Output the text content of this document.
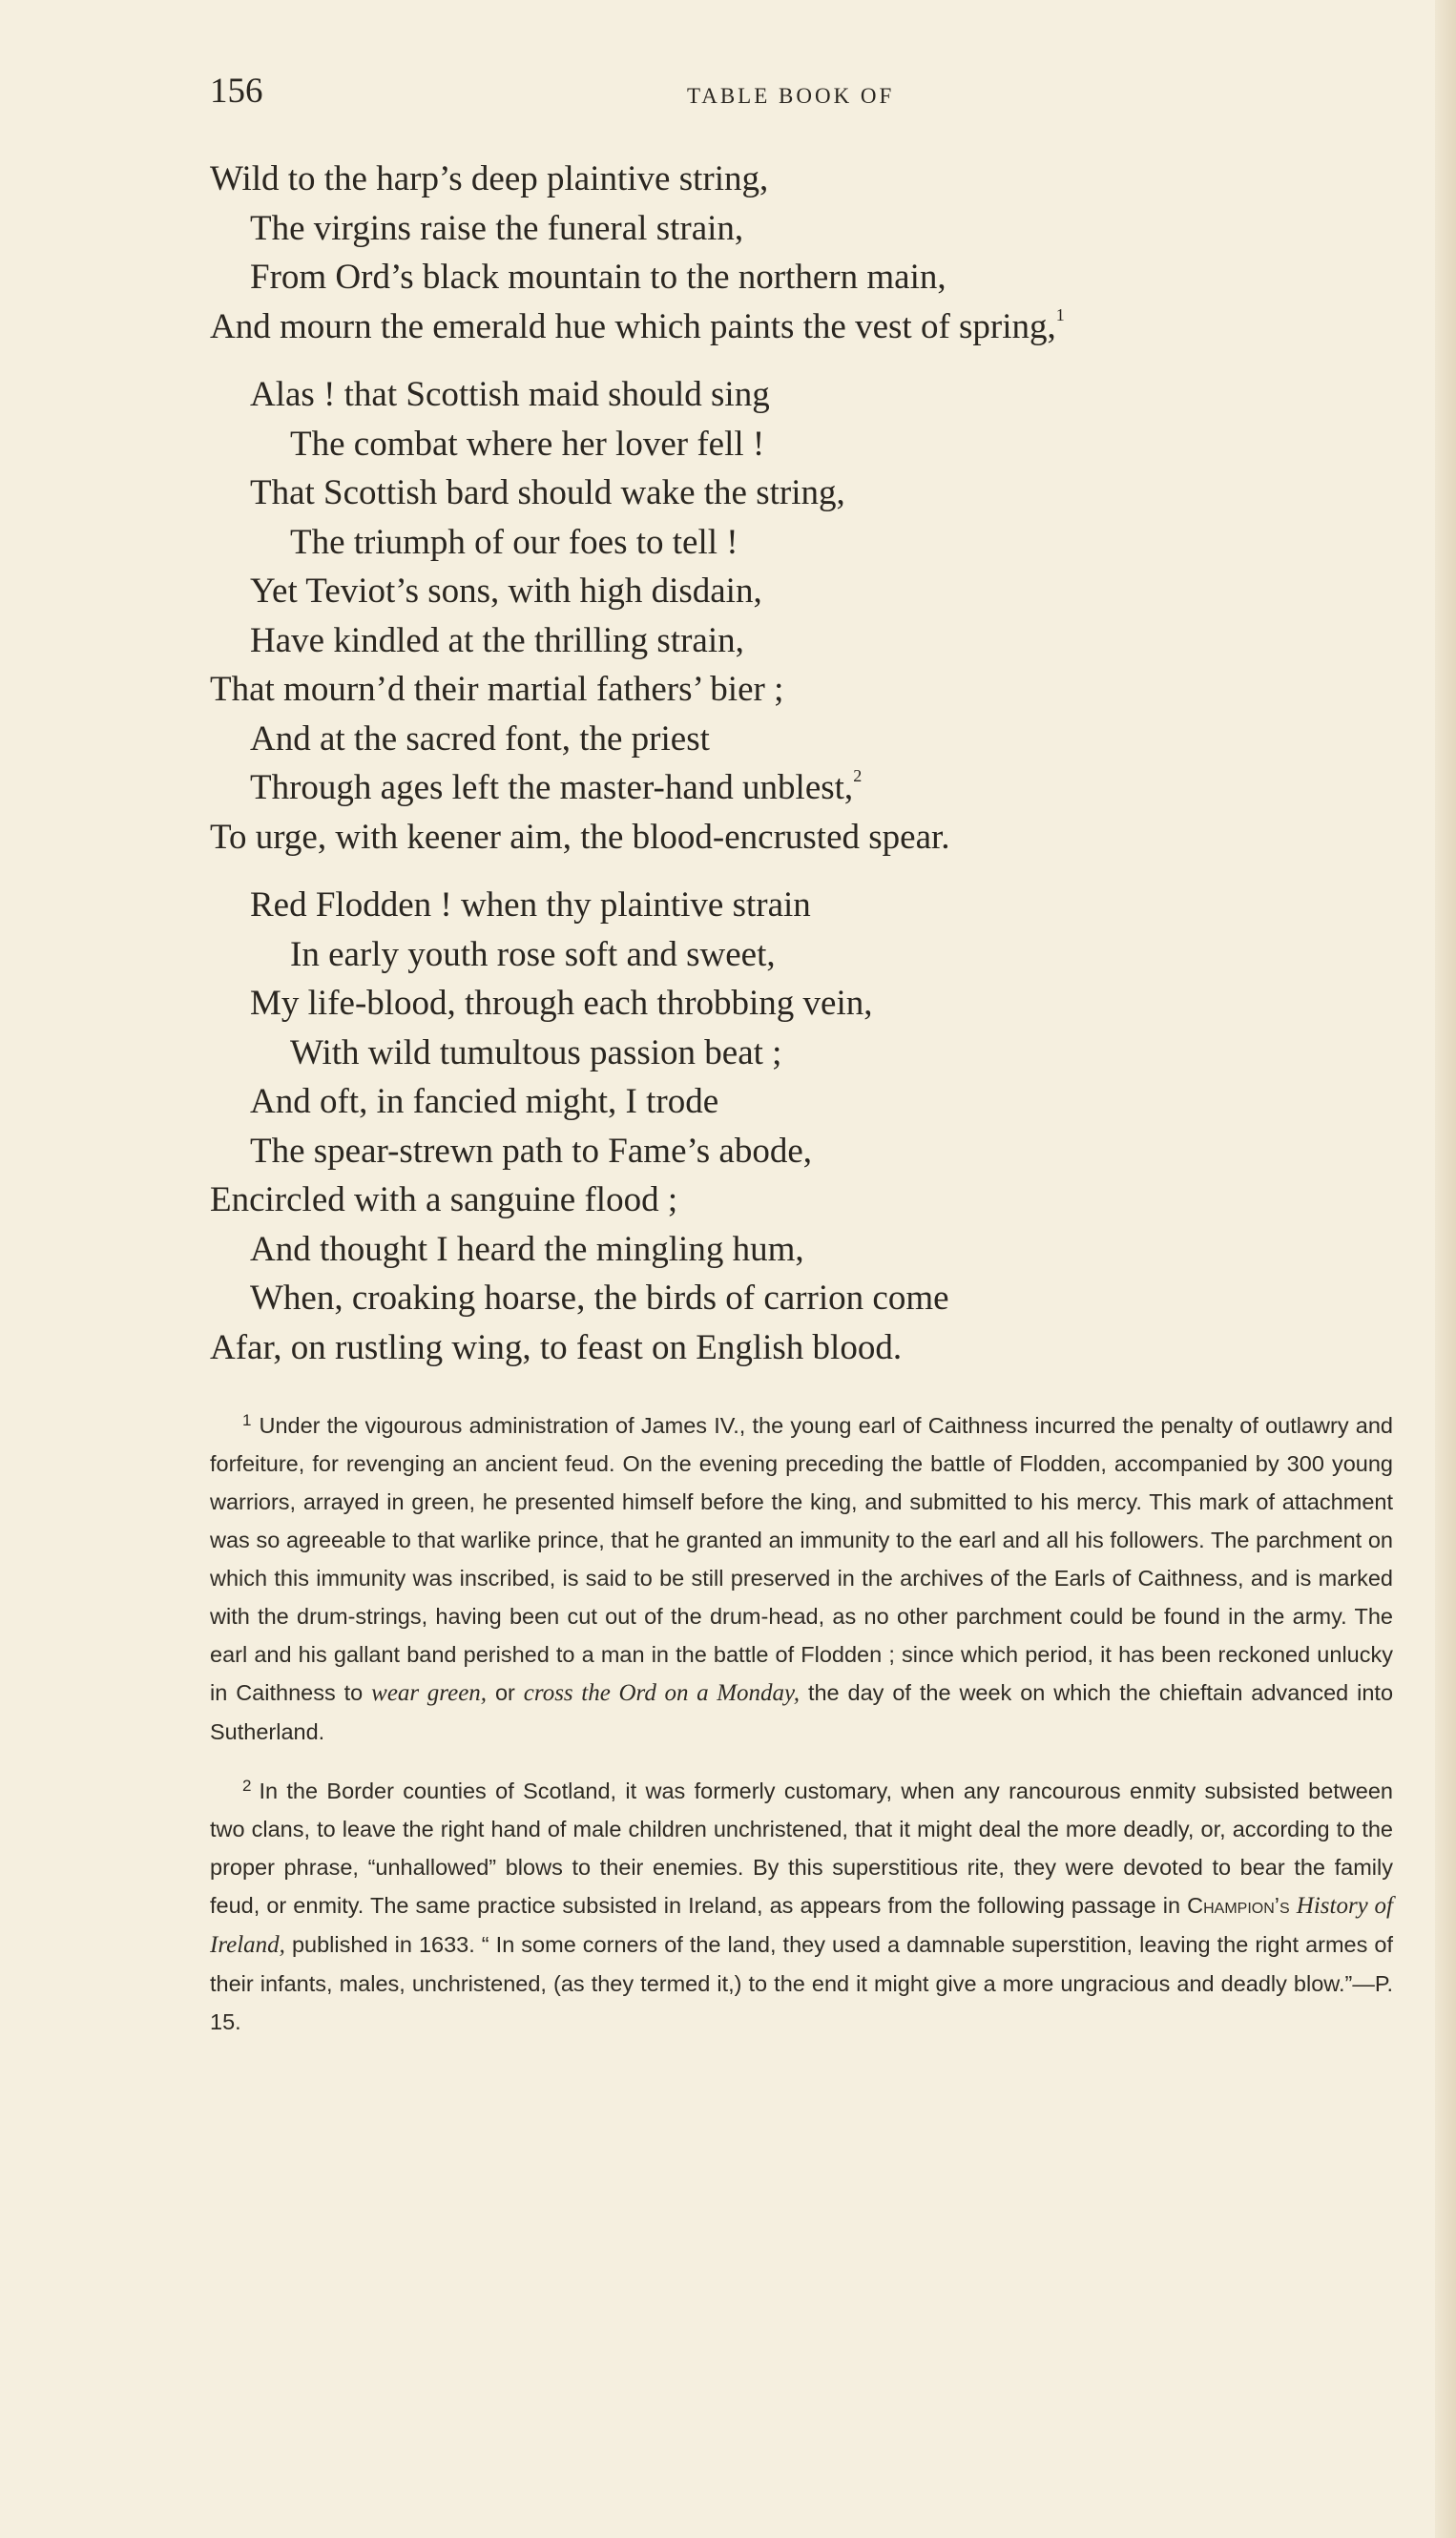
156	TABLE BOOK OF
Wild to the harp’s deep plaintive string,
The virgins raise the funeral strain,
From Ord’s black mountain to the northern main,
And mourn the emerald hue which paints the vest of spring,$^1$
Alas ! that Scottish maid should sing
The combat where her lover fell !
That Scottish bard should wake the string,
The triumph of our foes to tell !
Yet Teviot’s sons, with high disdain,
Have kindled at the thrilling strain,
That mourn’d their martial fathers’ bier ;
And at the sacred font, the priest
Through ages left the master-hand unblest,$^2$
To urge, with keener aim, the blood-encrusted spear.
Red Flodden ! when thy plaintive strain
In early youth rose soft and sweet,
My life-blood, through each throbbing vein,
With wild tumultous passion beat ;
And oft, in fancied might, I trode
The spear-strewn path to Fame’s abode,
Encircled with a sanguine flood ;
And thought I heard the mingling hum,
When, croaking hoarse, the birds of carrion come
Afar, on rustling wing, to feast on English blood.

$^1$ Under the vigourous administration of James IV., the young earl of Caithness incurred the penalty of outlawry and forfeiture, for revenging an ancient feud. On the evening preceding the battle of Flodden, accompanied by 300 young warriors, arrayed in green, he presented himself before the king, and submitted to his mercy. This mark of attachment was so agreeable to that warlike prince, that he granted an immunity to the earl and all his followers. The parchment on which this immunity was inscribed, is said to be still preserved in the archives of the Earls of Caithness, and is marked with the drum-strings, having been cut out of the drum-head, as no other parchment could be found in the army. The earl and his gallant band perished to a man in the battle of Flodden ; since which period, it has been reckoned unlucky in Caithness to wear green, or cross the Ord on a Monday, the day of the week on which the chieftain advanced into Sutherland.

$^2$ In the Border counties of Scotland, it was formerly customary, when any rancourous enmity subsisted between two clans, to leave the right hand of male children unchristened, that it might deal the more deadly, or, according to the proper phrase, “unhallowed” blows to their enemies. By this superstitious rite, they were devoted to bear the family feud, or enmity. The same practice subsisted in Ireland, as appears from the following passage in Champion’s History of Ireland, published in 1633. “ In some corners of the land, they used a damnable superstition, leaving the right armes of their infants, males, unchristened, (as they termed it,) to the end it might give a more ungracious and deadly blow.”—P. 15.
